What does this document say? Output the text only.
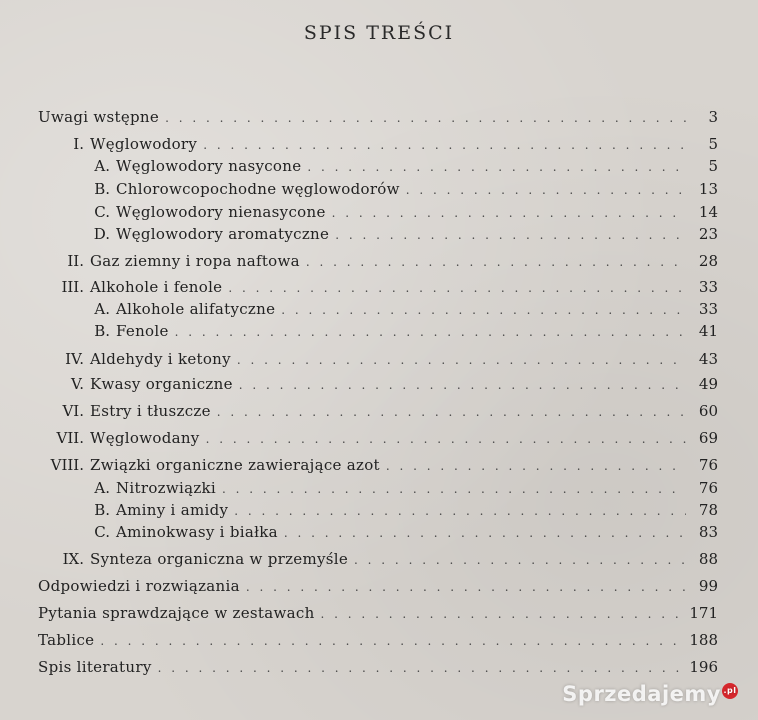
SPIS TREŚCI
Uwagi wstępne . . .	3
I. Węglowodory . . .	5
A. Węglowodory nasycone . . .	5
B. Chlorowcopochodne węglowodorów . . .	13
C. Węglowodory nienasycone . . .	14
D. Węglowodory aromatyczne . . .	23
II. Gaz ziemny i ropa naftowa . . .	28
III. Alkohole i fenole . . .	33
A. Alkohole alifatyczne . . .	33
B. Fenole . . .	41
IV. Aldehydy i ketony . . .	43
V. Kwasy organiczne . . .	49
VI. Estry i tłuszcze . . .	60
VII. Węglowodany . . .	69
VIII. Związki organiczne zawierające azot . . .	76
A. Nitrozwiązki . . .	76
B. Aminy i amidy . . .	78
C. Aminokwasy i białka . . .	83
IX. Synteza organiczna w przemyśle . . .	88
Odpowiedzi i rozwiązania . . .	99
Pytania sprawdzające w zestawach . . .	171
Tablice . . .	188
Spis literatury . . .	196
Sprzedajemy .pl
